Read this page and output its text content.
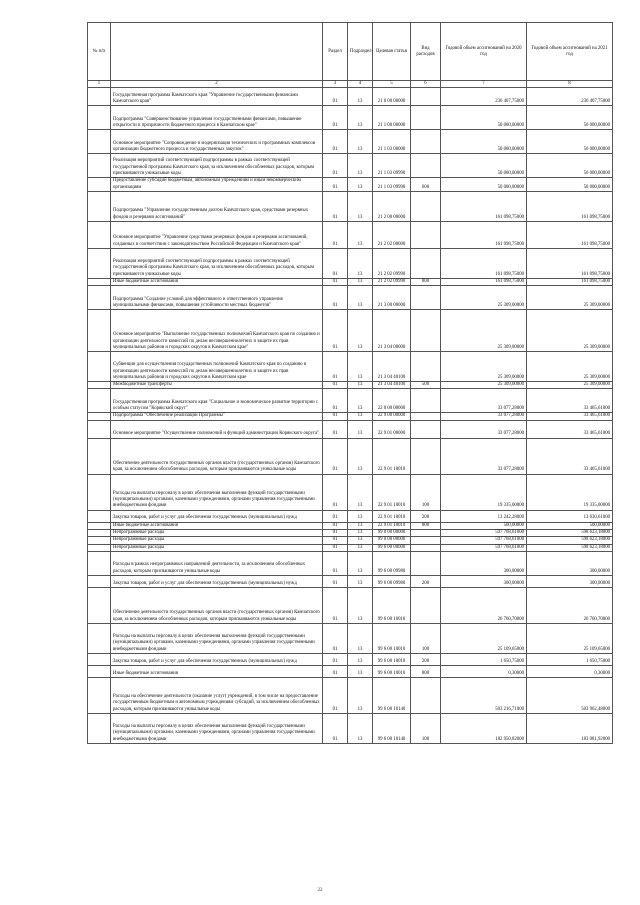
№ п/п		Раздел	Подраздел	Целевая статья	Вид расходов	Годовой объем ассигнований на 2020 год	Годовой объем ассигнований на 2021 год
1	2	3	4	5	6	7	8
	Государственная программа Камчатского края "Управление государственными финансами Камчатского края"	01	13	21 0 00 00000		236 407,75000	236 407,75000
	Подпрограмма "Совершенствование управления государственными финансами, повышение открытости и прозрачности бюджетного процесса в Камчатском крае"	01	13	21 1 00 00000		50 000,00000	50 000,00000
	Основное мероприятие "Сопровождение и модернизация технических и программных комплексов организации бюджетного процесса и государственных закупок"	01	13	21 1 03 00000		50 000,00000	50 000,00000
	Реализация мероприятий соответствующей подпрограммы в рамках соответствующей государственной программы Камчатского края, за исключением обособленных расходов, которым присваиваются уникальные коды	01	13	21 1 03 09990		50 000,00000	50 000,00000
	Предоставление субсидий бюджетным, автономным учреждениям и иным некоммерческим организациям	01	13	21 1 03 09990	600	50 000,00000	50 000,00000
	Подпрограмма "Управление государственным долгом Камчатского края, средствами резервных фондов и резервами ассигнований"	01	13	21 2 00 00000		161 098,75000	161 098,75000
	Основное мероприятие "Управление средствами резервных фондов и резервами ассигнований, созданных в соответствии с законодательством Российской Федерации и Камчатского края"	01	13	21 2 02 00000		161 098,75000	161 098,75000
	Реализация мероприятий соответствующей подпрограммы в рамках соответствующей государственной программы Камчатского края, за исключением обособленных расходов, которым присваиваются уникальные коды	01	13	21 2 02 09990		161 098,75000	161 098,75000
	Иные бюджетные ассигнования	01	13	21 2 02 09990	800	161 098,75000	161 098,75000
	Подпрограмма "Создание условий для эффективного и ответственного управления муниципальными финансами, повышения устойчивости местных бюджетов"	01	13	21 3 00 00000		25 309,00000	25 309,00000
	Основное мероприятие "Выполнение государственных полномочий Камчатского края по созданию и организации деятельности комиссий по делам несовершеннолетних и защите их прав муниципальных районов и городских округов в Камчатском крае"	01	13	21 3 04 00000		25 309,00000	25 309,00000
	Субвенции для осуществления государственных полномочий Камчатского края по созданию и организации деятельности комиссий по делам несовершеннолетних и защите их прав муниципальных районов и городских округов в Камчатском крае	01	13	21 3 04 40100		25 309,00000	25 309,00000
	Межбюджетные трансферты	01	13	21 3 04 40100	500	25 309,00000	25 309,00000
	Государственная программа Камчатского края "Социальное и экономическое развитие территории с особым статусом "Корякский округ"	01	13	22 0 00 00000		33 077,28000	33 465,61000
	Подпрограмма "Обеспечение реализации Программы"	01	13	22 9 00 00000		33 077,28000	33 465,61000
	Основное мероприятие "Осуществление полномочий и функций администрации Корякского округа"	01	13	22 9 01 00000		33 077,28000	33 465,61000
	Обеспечение деятельности государственных органов власти (государственных органов) Камчатского края, за исключением обособленных расходов, которым присваиваются уникальные коды	01	13	22 9 01 10010		33 077,28000	33 465,61000
	Расходы на выплаты персоналу в целях обеспечения выполнения функций государственными (муниципальными) органами, казенными учреждениями, органами управления государственными внебюджетными фондами	01	13	22 9 01 10010	100	19 335,00000	19 335,00000
	Закупка товаров, работ и услуг для обеспечения государственных (муниципальных) нужд	01	13	22 9 01 10010	200	13 242,28000	13 630,61000
	Иные бюджетные ассигнования	01	13	22 9 01 10010	800	500,00000	500,00000
	Непрограммные расходы	01	13	99 0 00 00000		597 768,61000	598 623,18000
	Непрограммные расходы	01	13	99 0 00 00000		597 768,61000	598 623,18000
	Непрограммные расходы	01	13	99 6 00 00000		597 768,61000	598 623,18000
	Расходы в рамках непрограммных направлений деятельности, за исключением обособленных расходов, которым присваиваются уникальные коды	01	13	99 6 00 09980		300,00000	300,00000
	Закупка товаров, работ и услуг для обеспечения государственных (муниципальных) нужд	01	13	99 6 00 09980	200	300,00000	300,00000
	Обеспечение деятельности государственных органов власти (государственных органов) Камчатского края, за исключением обособленных расходов, которым присваиваются уникальные коды	01	13	99 6 00 10010		26 760,70000	26 760,70000
	Расходы на выплаты персоналу в целях обеспечения выполнения функций государственными (муниципальными) органами, казенными учреждениями, органами управления государственными внебюджетными фондами	01	13	99 6 00 10010	100	25 109,65000	25 109,65000
	Закупка товаров, работ и услуг для обеспечения государственных (муниципальных) нужд	01	13	99 6 00 10010	200	1 650,75000	1 650,75000
	Иные бюджетные ассигнования	01	13	99 6 00 10010	800	0,30000	0,30000
	Расходы на обеспечение деятельности (оказание услуг) учреждений, в том числе на предоставление государственным бюджетным и автономным учреждениям субсидий, за исключением обособленных расходов, которым присваиваются уникальные коды	01	13	99 6 00 10140		503 216,71000	503 962,48000
	Расходы на выплаты персоналу в целях обеспечения выполнения функций государственными (муниципальными) органами, казенными учреждениями, органами управления государственными внебюджетными фондами	01	13	99 6 00 10140	100	182 950,82000	183 081,92000
22
